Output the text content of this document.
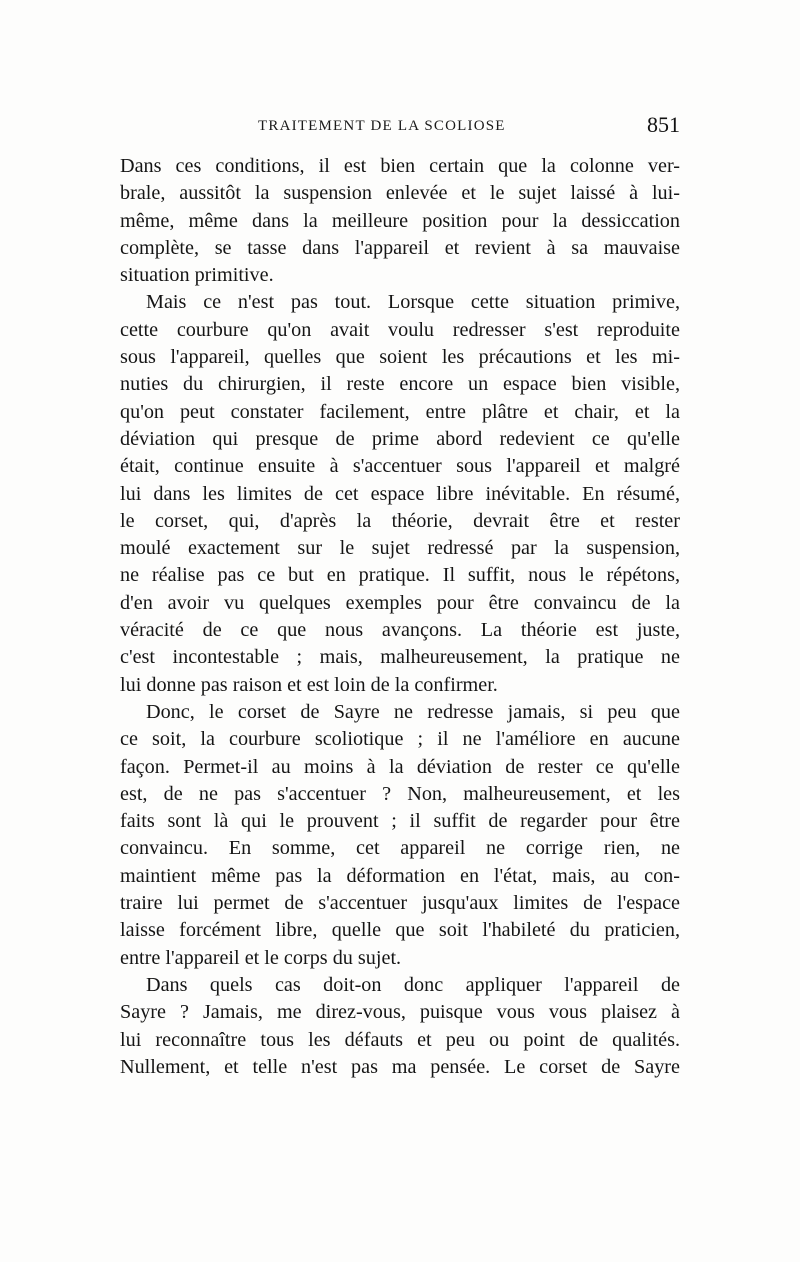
TRAITEMENT DE LA SCOLIOSE	851
Dans ces conditions, il est bien certain que la colonne ver-
brale, aussitôt la suspension enlevée et le sujet laissé à lui-
même, même dans la meilleure position pour la dessiccation
complète, se tasse dans l'appareil et revient à sa mauvaise
situation primitive.
Mais ce n'est pas tout. Lorsque cette situation primive,
cette courbure qu'on avait voulu redresser s'est reproduite
sous l'appareil, quelles que soient les précautions et les mi-
nuties du chirurgien, il reste encore un espace bien visible,
qu'on peut constater facilement, entre plâtre et chair, et la
déviation qui presque de prime abord redevient ce qu'elle
était, continue ensuite à s'accentuer sous l'appareil et malgré
lui dans les limites de cet espace libre inévitable. En résumé,
le corset, qui, d'après la théorie, devrait être et rester
moulé exactement sur le sujet redressé par la suspension,
ne réalise pas ce but en pratique. Il suffit, nous le répétons,
d'en avoir vu quelques exemples pour être convaincu de la
véracité de ce que nous avançons. La théorie est juste,
c'est incontestable ; mais, malheureusement, la pratique ne
lui donne pas raison et est loin de la confirmer.
Donc, le corset de Sayre ne redresse jamais, si peu que
ce soit, la courbure scoliotique ; il ne l'améliore en aucune
façon. Permet-il au moins à la déviation de rester ce qu'elle
est, de ne pas s'accentuer ? Non, malheureusement, et les
faits sont là qui le prouvent ; il suffit de regarder pour être
convaincu. En somme, cet appareil ne corrige rien, ne
maintient même pas la déformation en l'état, mais, au con-
traire lui permet de s'accentuer jusqu'aux limites de l'espace
laisse forcément libre, quelle que soit l'habileté du praticien,
entre l'appareil et le corps du sujet.
Dans quels cas doit-on donc appliquer l'appareil de
Sayre ? Jamais, me direz-vous, puisque vous vous plaisez à
lui reconnaître tous les défauts et peu ou point de qualités.
Nullement, et telle n'est pas ma pensée. Le corset de Sayre
